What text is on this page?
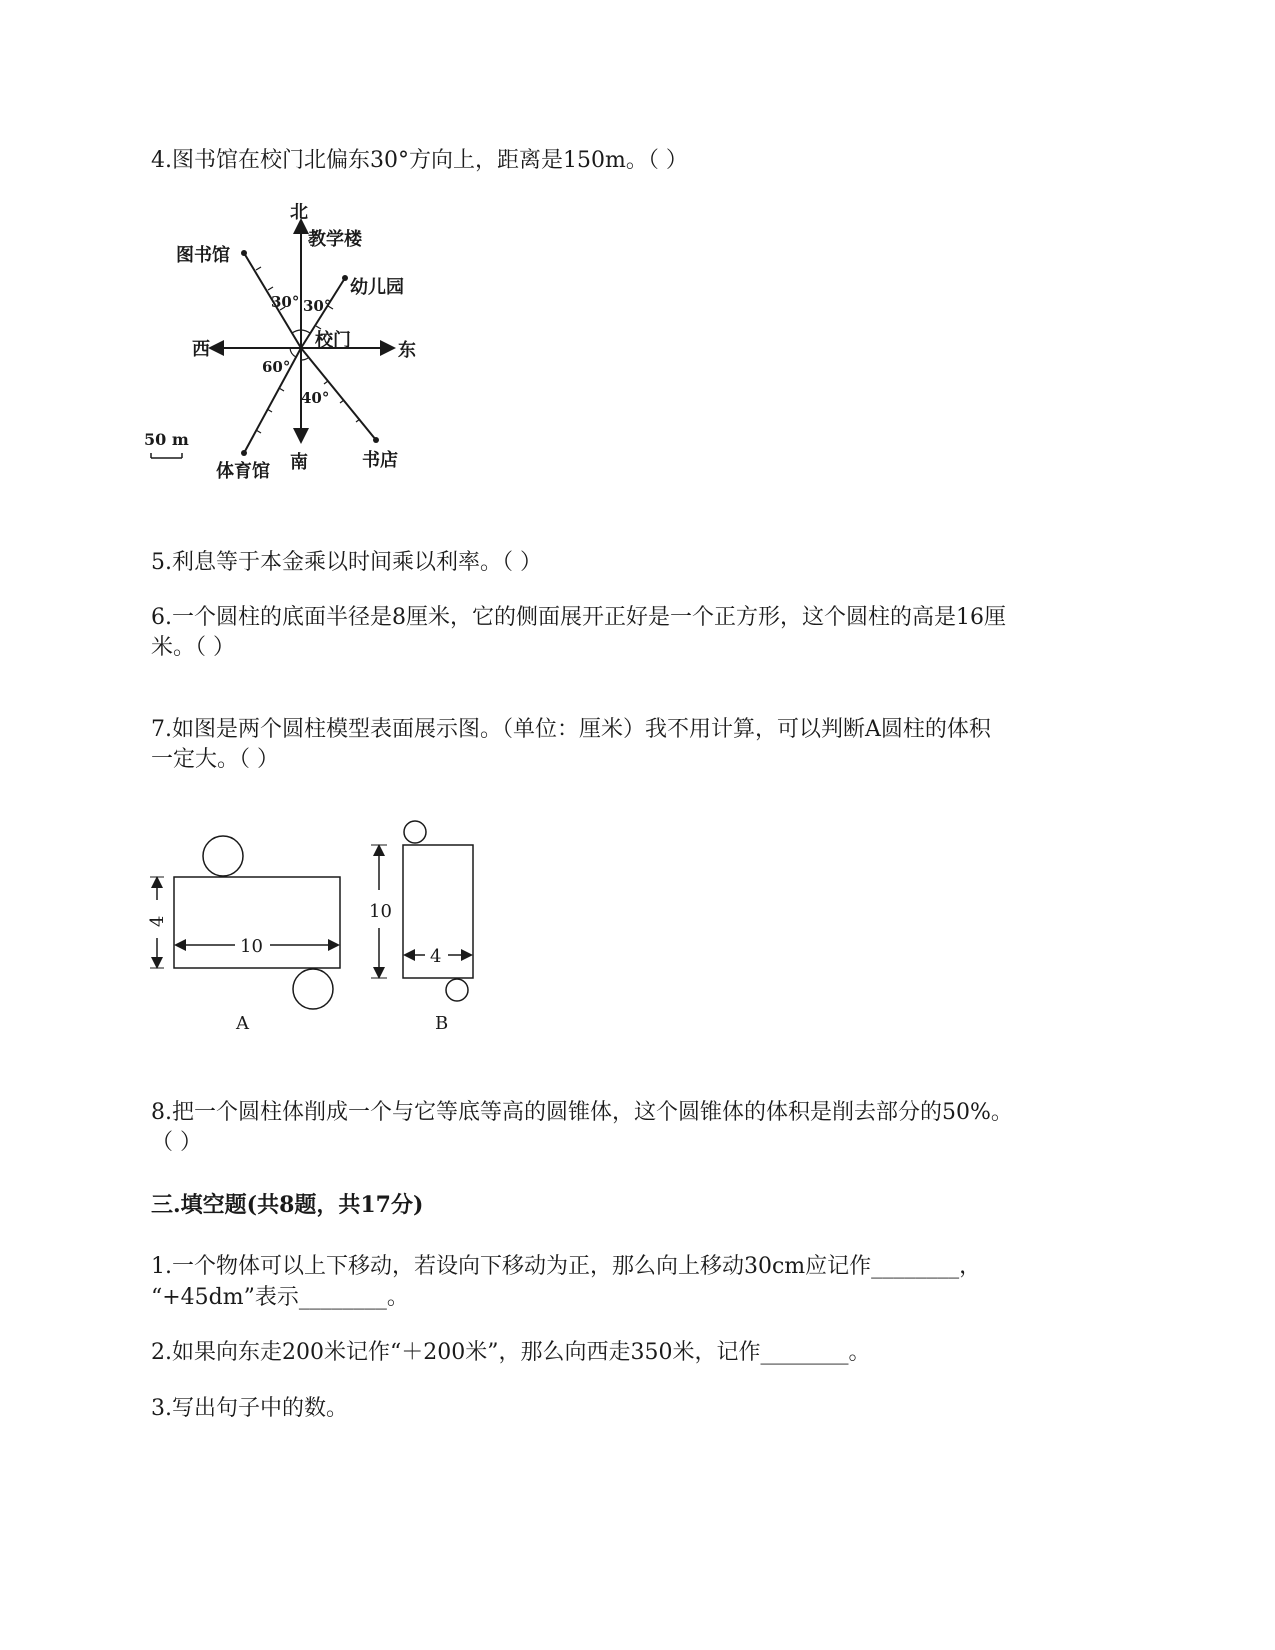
4.图书馆在校门北偏东30°方向上，距离是150m。（ ）
北
教学楼
图书馆
幼儿园
30° 30°
校门
西	东
60°
40°
50 m
南	书店
体育馆
5.利息等于本金乘以时间乘以利率。（ ）
6.一个圆柱的底面半径是8厘米，它的侧面展开正好是一个正方形，这个圆柱的高是16厘
米。（ ）
7.如图是两个圆柱模型表面展示图。（单位：厘米）我不用计算，可以判断A圆柱的体积
一定大。（ ）
4
10
A
10
4
B
8.把一个圆柱体削成一个与它等底等高的圆锥体，这个圆锥体的体积是削去部分的50%。
（ ）
三.填空题(共8题，共17分)
1.一个物体可以上下移动，若设向下移动为正，那么向上移动30cm应记作________，
“+45dm”表示________。
2.如果向东走200米记作“＋200米”，那么向西走350米，记作________。
3.写出句子中的数。
